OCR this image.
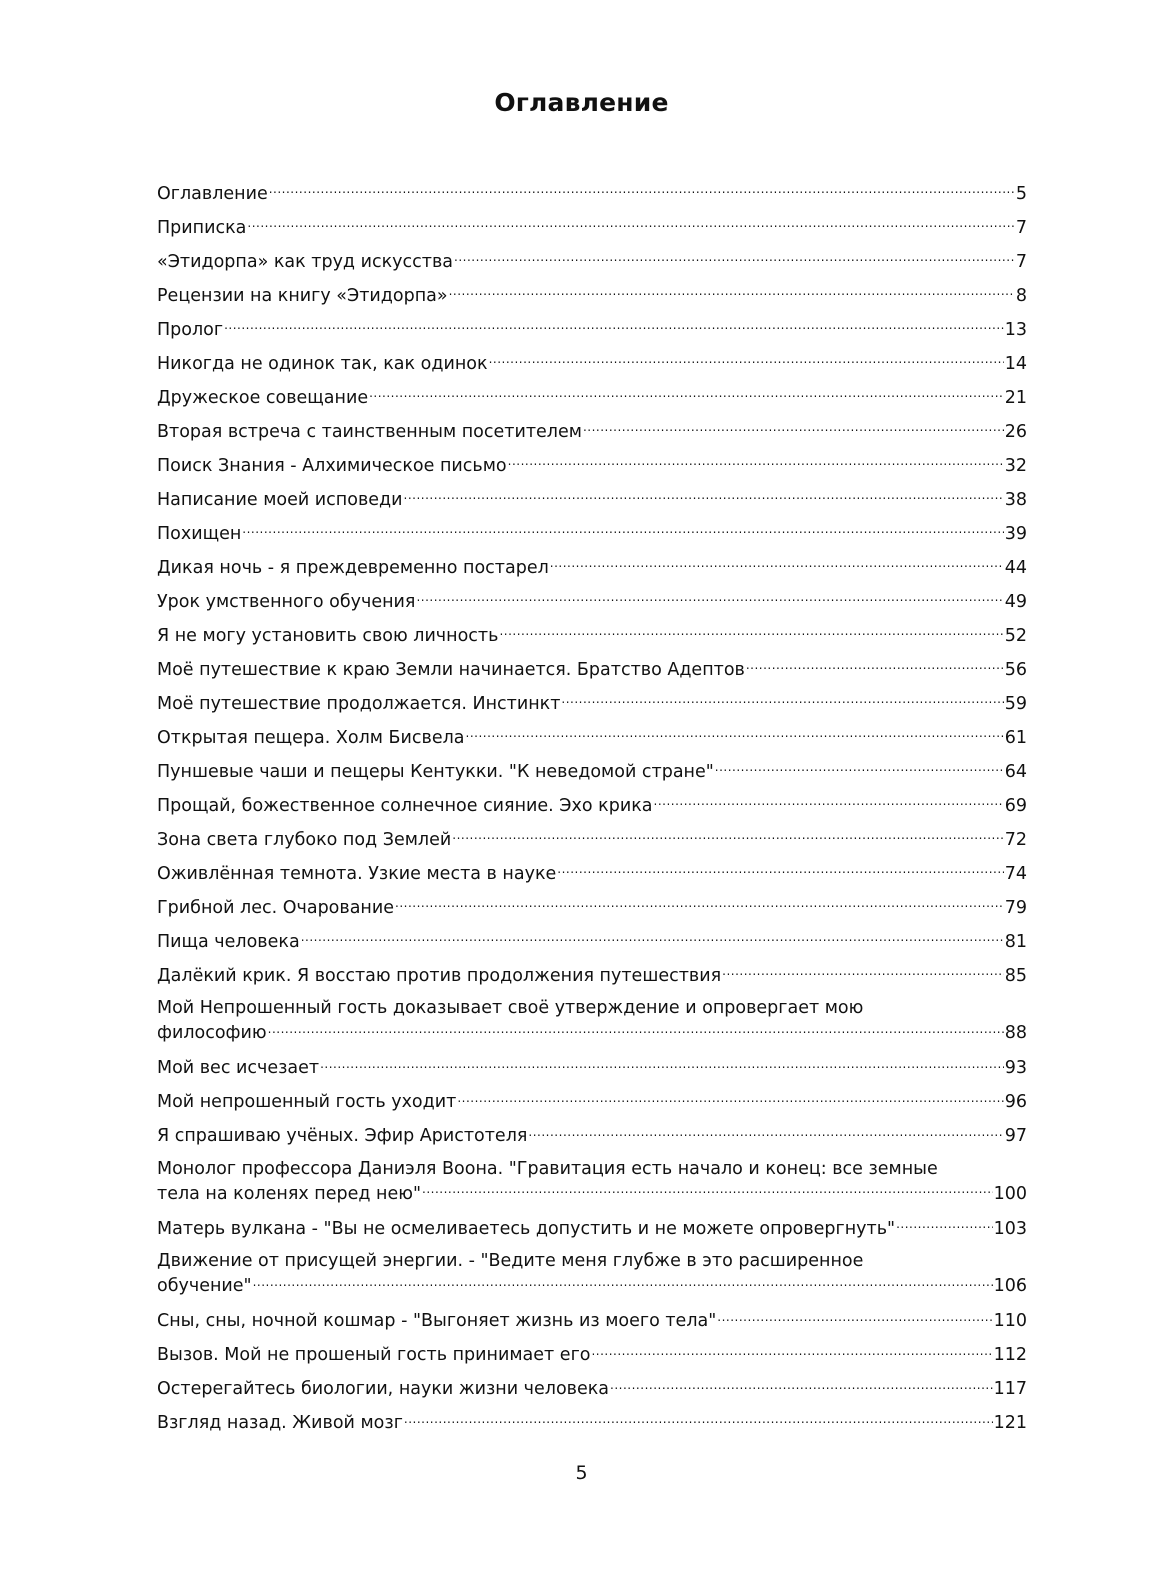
Оглавление
Оглавление .....	5
Приписка .....	7
«Этидорпа» как труд искусства .....	7
Рецензии на книгу «Этидорпа» .....	8
Пролог .....	13
Никогда не одинок так, как одинок .....	14
Дружеское совещание .....	21
Вторая встреча с таинственным посетителем .....	26
Поиск Знания - Алхимическое письмо .....	32
Написание моей исповеди .....	38
Похищен .....	39
Дикая ночь - я преждевременно постарел .....	44
Урок умственного обучения .....	49
Я не могу установить свою личность .....	52
Моё путешествие к краю Земли начинается. Братство Адептов .....	56
Моё путешествие продолжается. Инстинкт .....	59
Открытая пещера. Холм Бисвела .....	61
Пуншевые чаши и пещеры Кентукки. "К неведомой стране" .....	64
Прощай, божественное солнечное сияние. Эхо крика .....	69
Зона света глубоко под Землей .....	72
Оживлённая темнота. Узкие места в науке .....	74
Грибной лес. Очарование .....	79
Пища человека .....	81
Далёкий крик. Я восстаю против продолжения путешествия .....	85
Мой Непрошенный гость доказывает своё утверждение и опровергает мою
философию .....	88
Мой вес исчезает .....	93
Мой непрошенный гость уходит .....	96
Я спрашиваю учёных. Эфир Аристотеля .....	97
Монолог профессора Даниэля Воона. "Гравитация есть начало и конец: все земные
тела на коленях перед нею" .....	100
Матерь вулкана - "Вы не осмеливаетесь допустить и не можете опровергнуть" .....	103
Движение от присущей энергии. - "Ведите меня глубже в это расширенное
обучение" .....	106
Сны, сны, ночной кошмар - "Выгоняет жизнь из моего тела" .....	110
Вызов. Мой не прошеный гость принимает его .....	112
Остерегайтесь биологии, науки жизни человека .....	117
Взгляд назад. Живой мозг .....	121
5
